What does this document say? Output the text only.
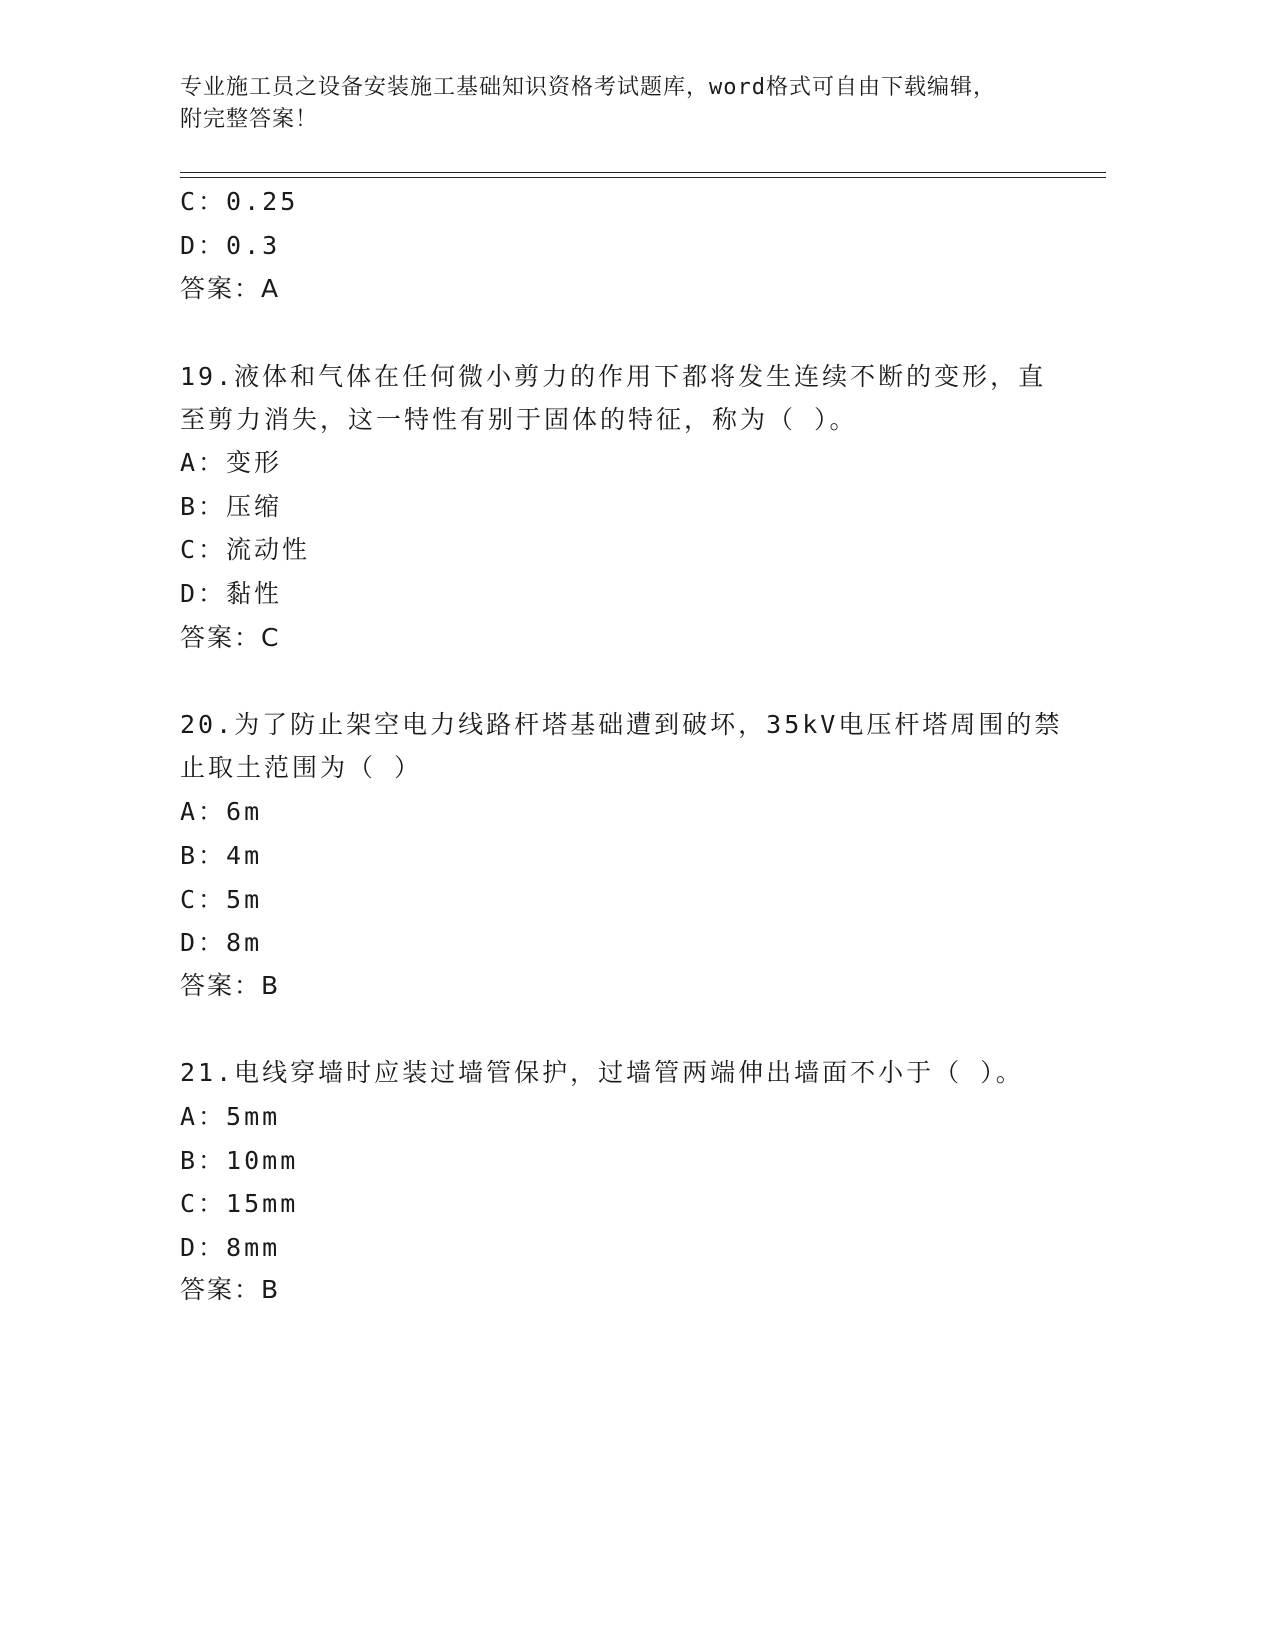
专业施工员之设备安装施工基础知识资格考试题库，word格式可自由下载编辑，
附完整答案！
C：0.25
D：0.3
答案：A
19.液体和气体在任何微小剪力的作用下都将发生连续不断的变形，直
至剪力消失，这一特性有别于固体的特征，称为（ ）。
A：变形
B：压缩
C：流动性
D：黏性
答案：C
20.为了防止架空电力线路杆塔基础遭到破坏，35kV电压杆塔周围的禁
止取土范围为（ ）
A：6m
B：4m
C：5m
D：8m
答案：B
21.电线穿墙时应装过墙管保护，过墙管两端伸出墙面不小于（ ）。
A：5mm
B：10mm
C：15mm
D：8mm
答案：B
